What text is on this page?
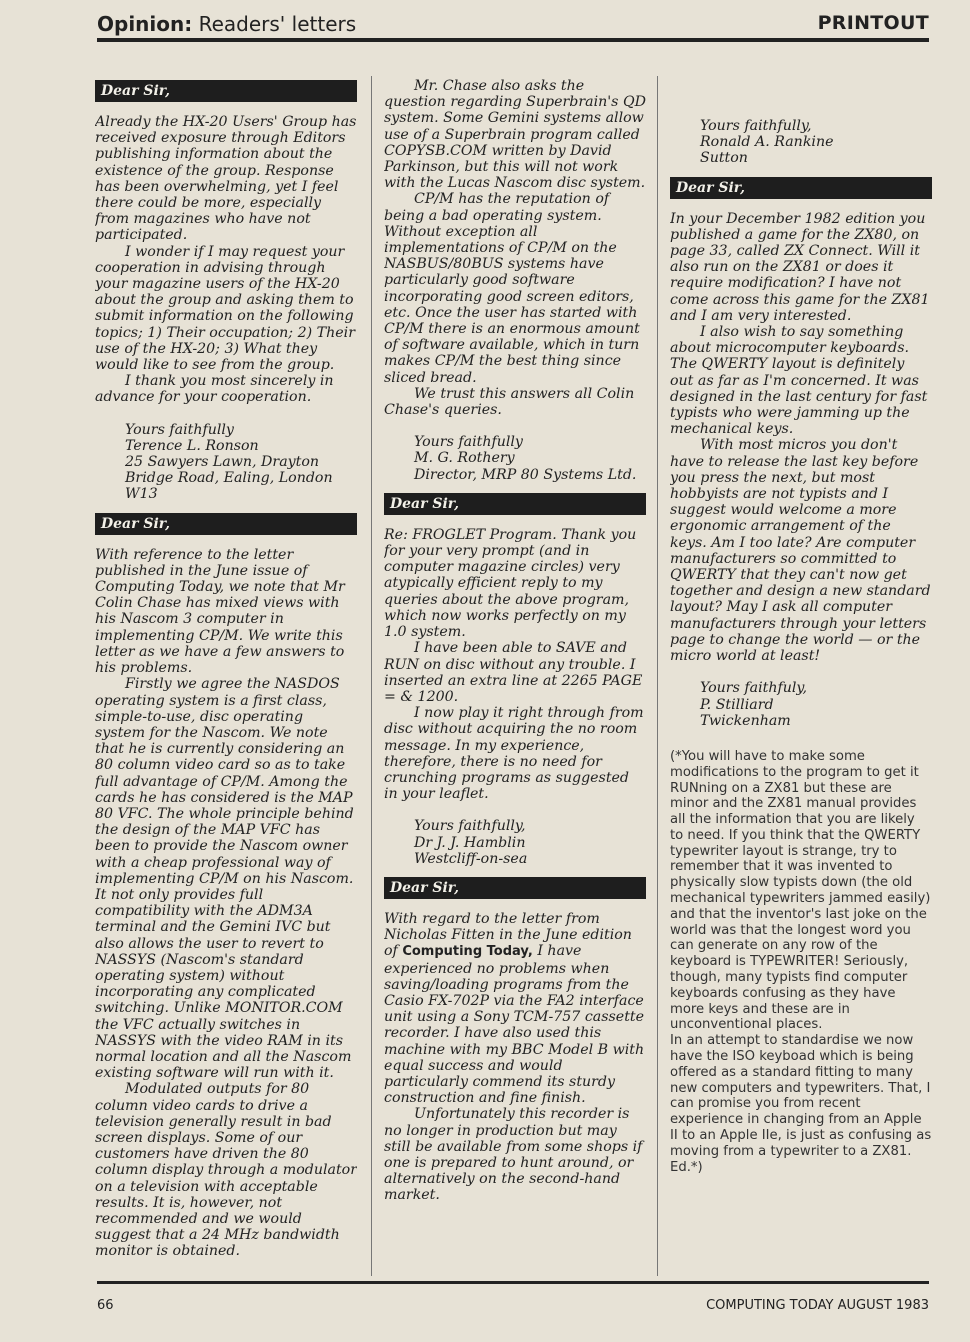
Opinion: Readers' letters	PRINTOUT
Dear Sir,

Already the HX-20 Users' Group has received exposure through Editors publishing information about the existence of the group. Response has been overwhelming, yet I feel there could be more, especially from magazines who have not participated.

I wonder if I may request your cooperation in advising through your magazine users of the HX-20 about the group and asking them to submit information on the following topics; 1) Their occupation; 2) Their use of the HX-20; 3) What they would like to see from the group.

I thank you most sincerely in advance for your cooperation.

Yours faithfully
Terence L. Ronson
25 Sawyers Lawn, Drayton
Bridge Road, Ealing, London
W13
Dear Sir,

With reference to the letter published in the June issue of Computing Today, we note that Mr Colin Chase has mixed views with his Nascom 3 computer in implementing CP/M. We write this letter as we have a few answers to his problems.

Firstly we agree the NASDOS operating system is a first class, simple-to-use, disc operating system for the Nascom. We note that he is currently considering an 80 column video card so as to take full advantage of CP/M. Among the cards he has considered is the MAP 80 VFC. The whole principle behind the design of the MAP VFC has been to provide the Nascom owner with a cheap professional way of implementing CP/M on his Nascom. It not only provides full compatibility with the ADM3A terminal and the Gemini IVC but also allows the user to revert to NASSYS (Nascom's standard operating system) without incorporating any complicated switching. Unlike MONITOR.COM the VFC actually switches in NASSYS with the video RAM in its normal location and all the Nascom existing software will run with it.

Modulated outputs for 80 column video cards to drive a television generally result in bad screen displays. Some of our customers have driven the 80 column display through a modulator on a television with acceptable results. It is, however, not recommended and we would suggest that a 24 MHz bandwidth monitor is obtained.

Mr. Chase also asks the question regarding Superbrain's QD system. Some Gemini systems allow use of a Superbrain program called COPYSB.COM written by David Parkinson, but this will not work with the Lucas Nascom disc system.

CP/M has the reputation of being a bad operating system. Without exception all implementations of CP/M on the NASBUS/80BUS systems have particularly good software incorporating good screen editors, etc. Once the user has started with CP/M there is an enormous amount of software available, which in turn makes CP/M the best thing since sliced bread.

We trust this answers all Colin Chase's queries.

Yours faithfully
M. G. Rothery
Director, MRP 80 Systems Ltd.
Dear Sir,

Re: FROGLET Program. Thank you for your very prompt (and in computer magazine circles) very atypically efficient reply to my queries about the above program, which now works perfectly on my 1.0 system.

I have been able to SAVE and RUN on disc without any trouble. I inserted an extra line at 2265 PAGE = & 1200.

I now play it right through from disc without acquiring the no room message. In my experience, therefore, there is no need for crunching programs as suggested in your leaflet.

Yours faithfully,
Dr J. J. Hamblin
Westcliff-on-sea
Dear Sir,

With regard to the letter from Nicholas Fitten in the June edition of Computing Today, I have experienced no problems when saving/loading programs from the Casio FX-702P via the FA2 interface unit using a Sony TCM-757 cassette recorder. I have also used this machine with my BBC Model B with equal success and would particularly commend its sturdy construction and fine finish.

Unfortunately this recorder is no longer in production but may still be available from some shops if one is prepared to hunt around, or alternatively on the second-hand market.

Yours faithfully,
Ronald A. Rankine
Sutton
Dear Sir,

In your December 1982 edition you published a game for the ZX80, on page 33, called ZX Connect. Will it also run on the ZX81 or does it require modification? I have not come across this game for the ZX81 and I am very interested.

I also wish to say something about microcomputer keyboards. The QWERTY layout is definitely out as far as I'm concerned. It was designed in the last century for fast typists who were jamming up the mechanical keys.

With most micros you don't have to release the last key before you press the next, but most hobbyists are not typists and I suggest would welcome a more ergonomic arrangement of the keys. Am I too late? Are computer manufacturers so committed to QWERTY that they can't now get together and design a new standard layout? May I ask all computer manufacturers through your letters page to change the world — or the micro world at least!

Yours faithfuly,
P. Stilliard
Twickenham

(*You will have to make some modifications to the program to get it RUNning on a ZX81 but these are minor and the ZX81 manual provides all the information that you are likely to need. If you think that the QWERTY typewriter layout is strange, try to remember that it was invented to physically slow typists down (the old mechanical typewriters jammed easily) and that the inventor's last joke on the world was that the longest word you can generate on any row of the keyboard is TYPEWRITER! Seriously, though, many typists find computer keyboards confusing as they have more keys and these are in unconventional places.

In an attempt to standardise we now have the ISO keyboad which is being offered as a standard fitting to many new computers and typewriters. That, I can promise you from recent experience in changing from an Apple II to an Apple IIe, is just as confusing as moving from a typewriter to a ZX81. Ed.*)

66	COMPUTING TODAY AUGUST 1983
